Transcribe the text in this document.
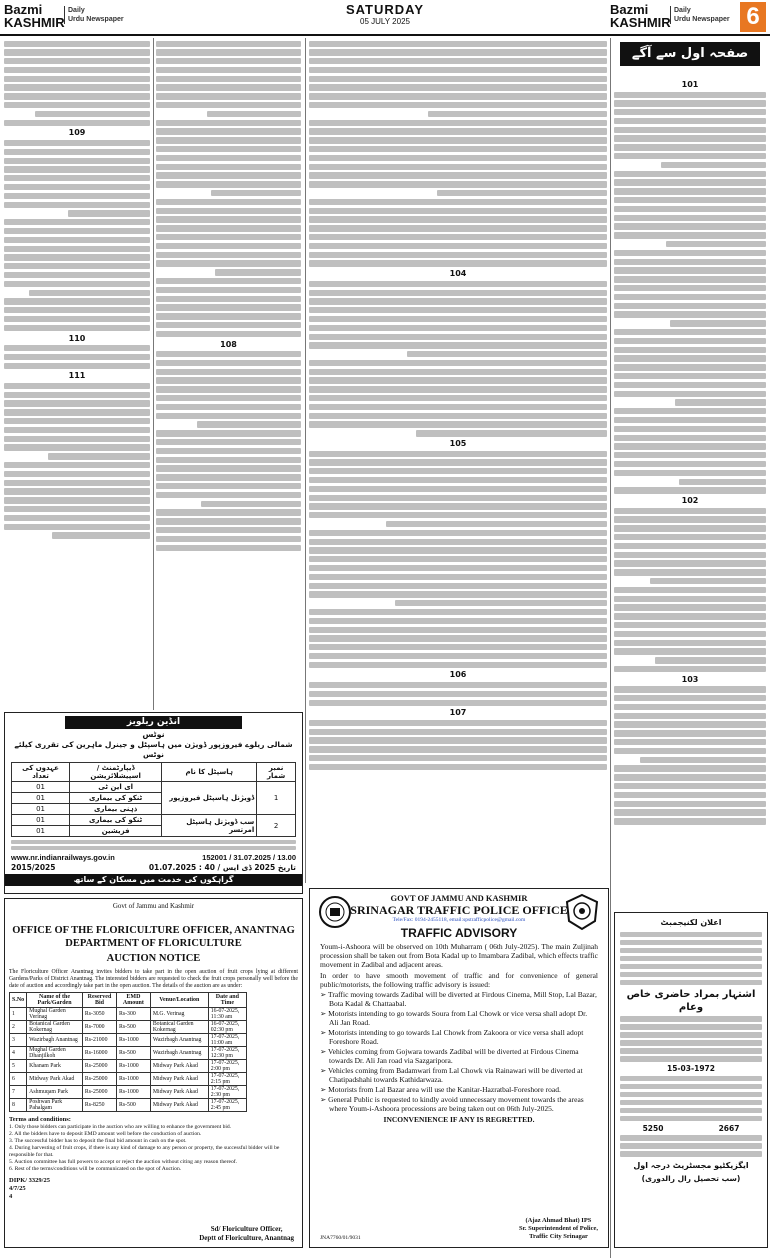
Bazmi
KASHMIR
Daily
Urdu Newspaper
SATURDAY
05 JULY 2025
Bazmi
KASHMIR
Daily
Urdu Newspaper 6
صفحہ اول سے آگے
101
102
103
104
105
106
107
108
109
110
111
انڈین ریلویز
نوٹس
شمالی ریلوے فیروزپور ڈویژن میں ہاسپٹل و جینرل ماہرین کی تقرری کیلئے نوٹس
نمبر شمار	ہاسپٹل کا نام	ڈیپارٹمنٹ / اسپیشلائزیشن	عہدوں کی تعداد
1	ڈویژنل ہاسپٹل فیروزپور	ای این ٹی	01
		ٹنکو کی بیماری	01
		ذہنی بیماری	01
2	سب ڈویژنل ہاسپٹل امرتسر	ٹنکو کی بیماری	01
		فزیشین	01
www.nr.indianrailways.gov.in	152001 / 31.07.2025 / 13.00
2015/2025	01.07.2025 : تاریخ 2025 ڈی ایس / 40
گراہکوں کی خدمت میں مسکان کے ساتھ
Govt of Jammu and Kashmir
OFFICE OF THE FLORICULTURE OFFICER, ANANTNAG
DEPARTMENT OF FLORICULTURE
AUCTION NOTICE
The Floriculture Officer Anantnag invites bidders to take part in the open auction of fruit crops lying at different Gardens/Parks of District Anantnag. The interested bidders are requested to check the fruit crops personally well before the date of auction and accordingly take part in the open auction. The details of the auction are as under:
S.No	Name of the Park/Garden	Reserved Bid	EMD Amount	Venue/Location	Date and Time
1	Mughal Garden Verinag	Rs-3050	Rs-300	M.G. Verinag	16-07-2025, 11:30 am
2	Botanical Garden Kokernag	Rs-7000	Rs-500	Botanical Garden Kokernag	16-07-2025, 02:30 pm
3	Wazirbagh Anantnag	Rs-21000	Rs-1000	Wazirbagh Anantnag	17-07-2025, 11:00 am
4	Mughal Garden Dhanjilkoh	Rs-16000	Rs-500	Wazirbagh Anantnag	17-07-2025, 12:30 pm
5	Khanam Park	Rs-25000	Rs-1000	Midway Park Akad	17-07-2025, 2:00 pm
6	Midway Park Akad	Rs-25000	Rs-1000	Midway Park Akad	17-07-2025, 2:15 pm
7	Ashmuqam Park	Rs-25000	Rs-1000	Midway Park Akad	17-07-2025, 2:30 pm
8	Poshwan Park Pahalgam	Rs-8250	Rs-500	Midway Park Akad	17-07-2025, 2:45 pm
Terms and conditions:
1. Only those bidders can participate in the auction who are willing to enhance the government bid.
2. All the bidders have to deposit EMD amount well before the conduction of auction.
3. The successful bidder has to deposit the final bid amount in cash on the spot.
4. During harvesting of fruit crops, if there is any kind of damage to any person or property, the successful bidder will be responsible for that.
5. Auction committee has full powers to accept or reject the auction without citing any reason thereof.
6. Rest of the terms/conditions will be communicated on the spot of Auction.
DIPK/ 3329/25
4/7/25
4
Sd/ Floriculture Officer,
Deptt of Floriculture, Anantnag
GOVT OF JAMMU AND KASHMIR
SRINAGAR TRAFFIC POLICE OFFICE
Tele/Fax: 0194-2455118, email:spstrafficpolice@gmail.com
TRAFFIC ADVISORY
Youm-i-Ashoora will be observed on 10th Muharram ( 06th July-2025). The main Zuljinah procession shall be taken out from Bota Kadal up to Imambara Zadibal, which effects traffic movement in Zadibal and adjacent areas.
In order to have smooth movement of traffic and for convenience of general public/motorists, the following traffic advisory is issued:
➢ Traffic moving towards Zadibal will be diverted at Firdous Cinema, Mill Stop, Lal Bazar, Bota Kadal & Chattaabal.
➢ Motorists intending to go towards Soura from Lal Chowk or vice versa shall adopt Dr. Ali Jan Road.
➢ Motorists intending to go towards Lal Chowk from Zakoora or vice versa shall adopt Foreshore Road.
➢ Vehicles coming from Gojwara towards Zadibal will be diverted at Firdous Cinema towards Dr. Ali Jan road via Sazgaripora.
➢ Vehicles coming from Badamwari from Lal Chowk via Rainawari will be diverted at Chatipadshahi towards Kathidarwaza.
➢ Motorists from Lal Bazar area will use the Kanitar-Hazratbal-Foreshore road.
➢ General Public is requested to kindly avoid unnecessary movement towards the areas where Youm-i-Ashoora processions are being taken out on 06th July-2025.
INCONVENIENCE IF ANY IS REGRETTED.
(Ajaz Ahmad Bhat) IPS
Sr. Superintendent of Police,
Traffic City Srinagar
JNA7760/01/9031
اعلان لکنیجمبٹ
اشتہار بمراد حاضری خاص وعام
15-03-1972
5250	2667
ایگزیکٹیو مجسٹریٹ درجہ اول
(سب تحصیل رال رالدوری)
